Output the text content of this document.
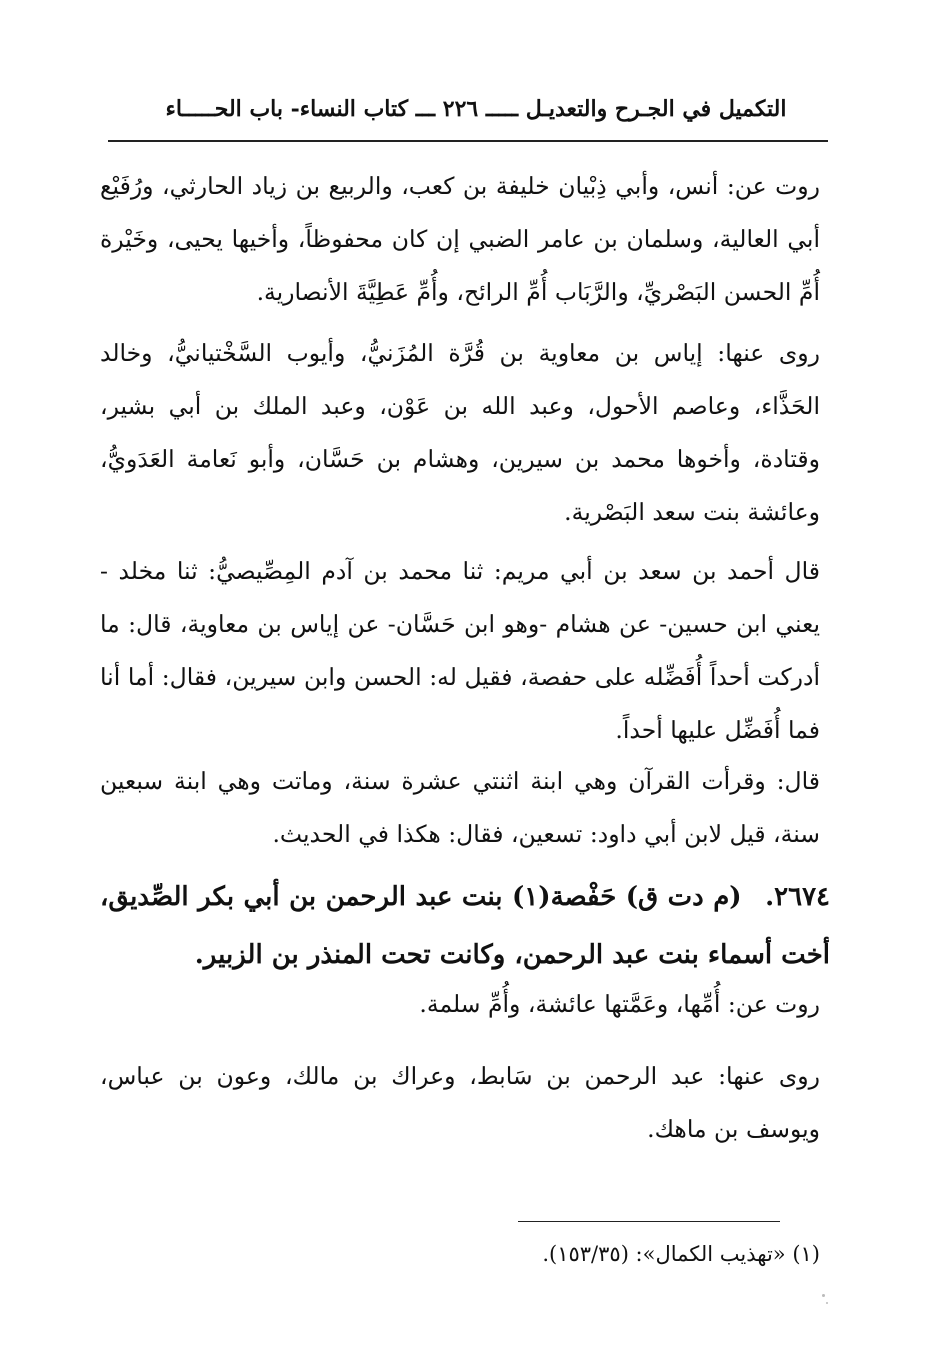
التكميل في الجـرح والتعديـل ـــــ ٢٢٦ ـــ كتاب النساء- باب الحـــــاء

روت عن: أنس، وأبي ذِبْيان خليفة بن كعب، والربيع بن زياد الحارثي، ورُفَيْع أبي العالية، وسلمان بن عامر الضبي إن كان محفوظاً، وأخيها يحيى، وخَيْرة أُمِّ الحسن البَصْريِّ، والرَّبَاب أُمِّ الرائح، وأُمِّ عَطِيَّةَ الأنصارية.

روى عنها: إياس بن معاوية بن قُرَّة المُزَنيُّ، وأيوب السَّخْتيانيُّ، وخالد الحَذَّاء، وعاصم الأحول، وعبد الله بن عَوْن، وعبد الملك بن أبي بشير، وقتادة، وأخوها محمد بن سيرين، وهشام بن حَسَّان، وأبو نَعامة العَدَويُّ، وعائشة بنت سعد البَصْرية.

قال أحمد بن سعد بن أبي مريم: ثنا محمد بن آدم المِصِّيصيُّ: ثنا مخلد - يعني ابن حسين- عن هشام -وهو ابن حَسَّان- عن إياس بن معاوية، قال: ما أدركت أحداً أُفَضِّله على حفصة، فقيل له: الحسن وابن سيرين، فقال: أما أنا فما أُفَضِّل عليها أحداً.

قال: وقرأت القرآن وهي ابنة اثنتي عشرة سنة، وماتت وهي ابنة سبعين سنة، قيل لابن أبي داود: تسعين، فقال: هكذا في الحديث.

٢٦٧٤. (م دت ق) حَفْصة(١) بنت عبد الرحمن بن أبي بكر الصِّديق، أخت أسماء بنت عبد الرحمن، وكانت تحت المنذر بن الزبير.

روت عن: أُمِّها، وعَمَّتها عائشة، وأُمِّ سلمة.

روى عنها: عبد الرحمن بن سَابط، وعراك بن مالك، وعون بن عباس، ويوسف بن ماهك.

(١) «تهذيب الكمال»: (١٥٣/٣٥).
